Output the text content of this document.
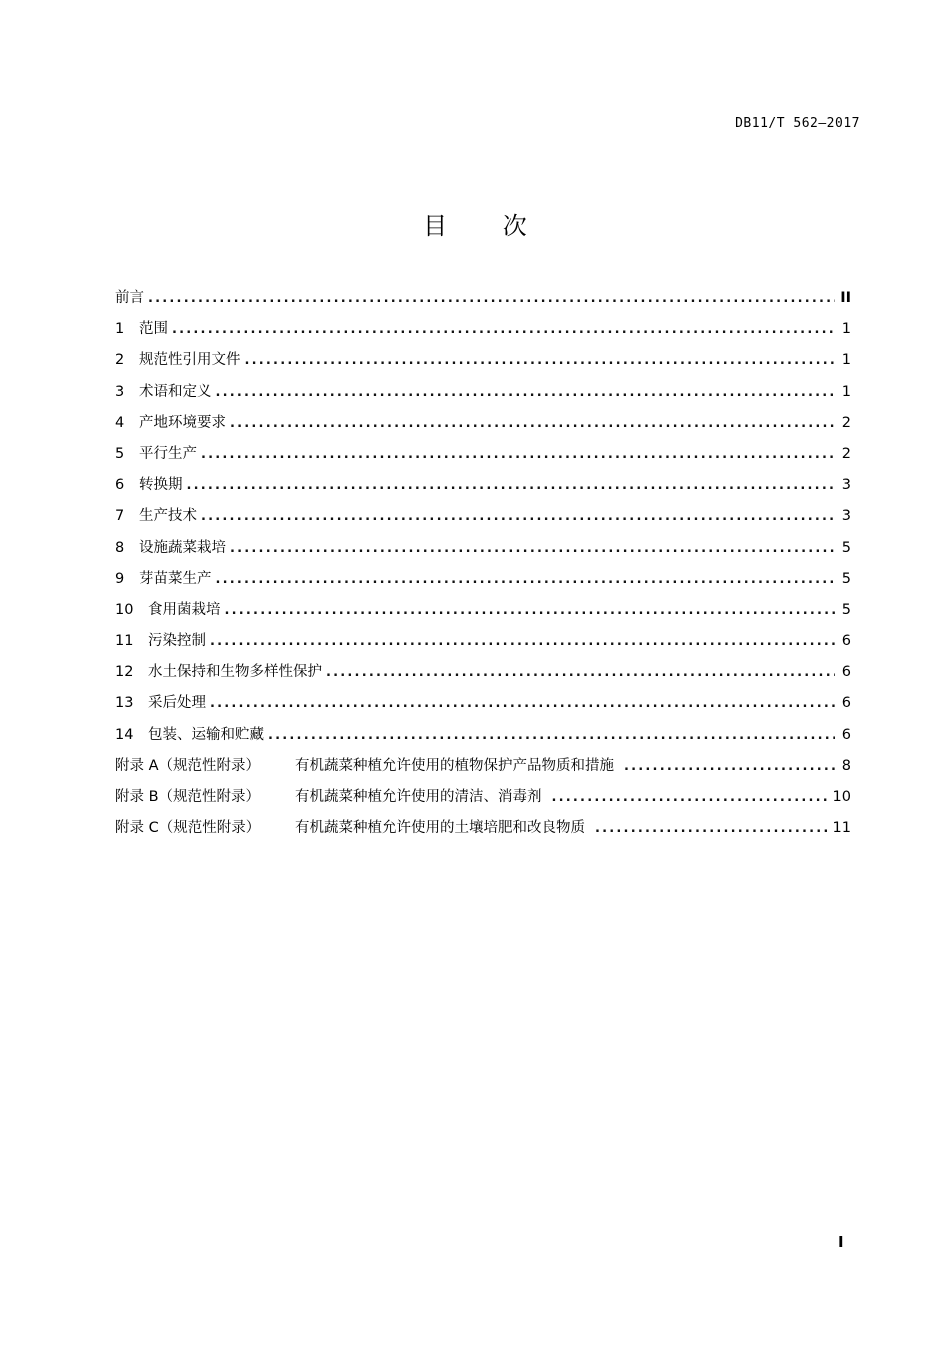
DB11/T 562—2017
目 次
前言 .....	II
1	范围 .....	1
2	规范性引用文件 .....	1
3	术语和定义 .....	1
4	产地环境要求 .....	2
5	平行生产 .....	2
6	转换期 .....	3
7	生产技术 .....	3
8	设施蔬菜栽培 .....	5
9	芽苗菜生产 .....	5
10	食用菌栽培 .....	5
11	污染控制 .....	6
12	水土保持和生物多样性保护 .....	6
13	采后处理 .....	6
14	包装、运输和贮藏 .....	6
附录 A（规范性附录）	有机蔬菜种植允许使用的植物保护产品物质和措施 .....	8
附录 B（规范性附录）	有机蔬菜种植允许使用的清洁、消毒剂 .....	10
附录 C（规范性附录）	有机蔬菜种植允许使用的土壤培肥和改良物质 .....	11
I
